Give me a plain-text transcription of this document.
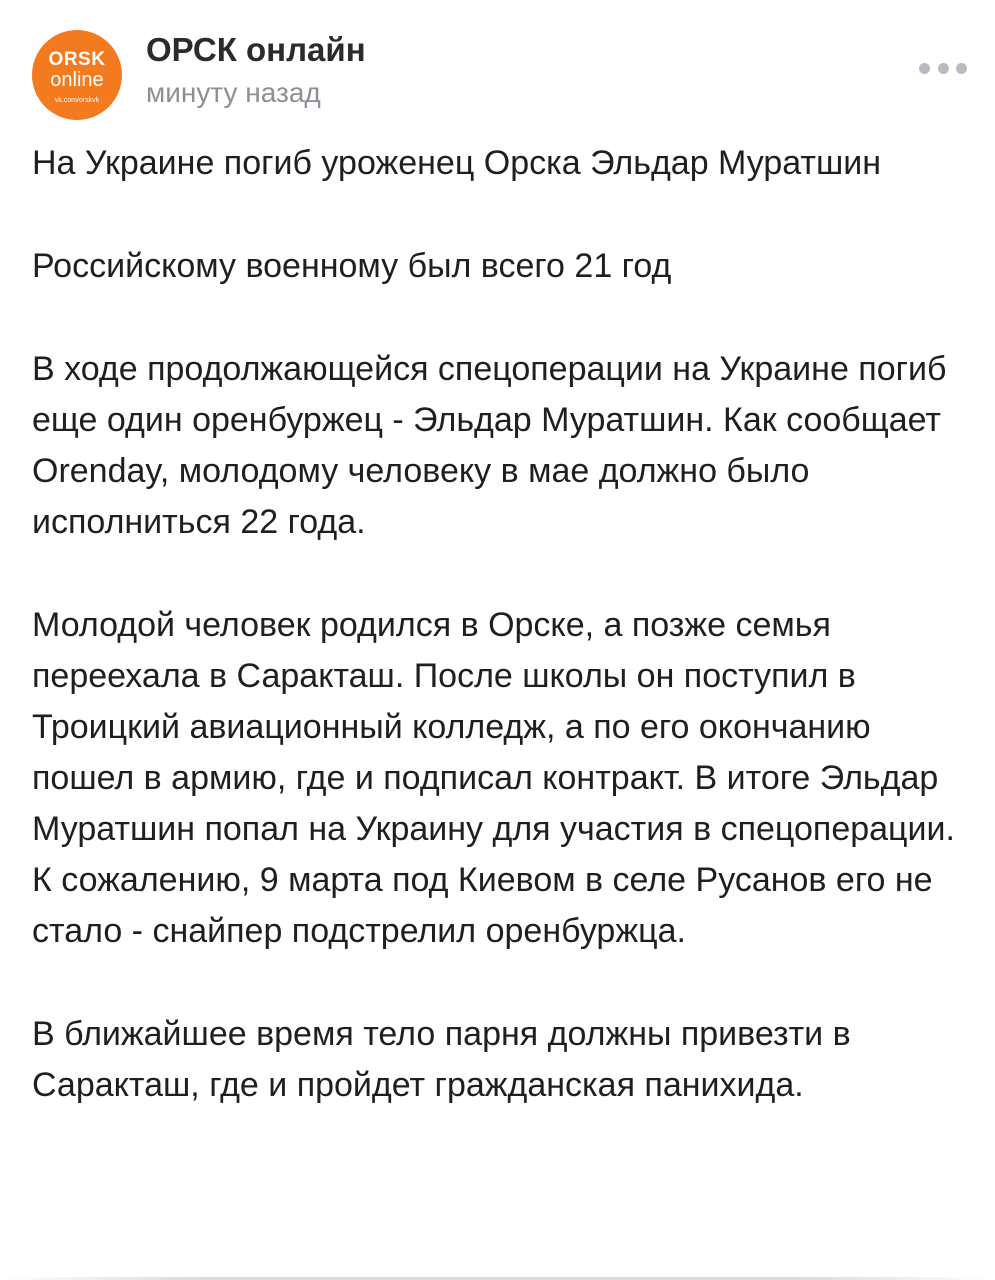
ORSK
online
vk.com/orskvk
ОРСК онлайн
минуту назад

На Украине погиб уроженец Орска Эльдар Муратшин

Российскому военному был всего 21 год

В ходе продолжающейся спецоперации на Украине погиб еще один оренбуржец - Эльдар Муратшин. Как сообщает Orenday, молодому человеку в мае должно было исполниться 22 года.

Молодой человек родился в Орске, а позже семья переехала в Саракташ. После школы он поступил в Троицкий авиационный колледж, а по его окончанию пошел в армию, где и подписал контракт. В итоге Эльдар Муратшин попал на Украину для участия в спецоперации. К сожалению, 9 марта под Киевом в селе Русанов его не стало - снайпер подстрелил оренбуржца.

В ближайшее время тело парня должны привезти в Саракташ, где и пройдет гражданская панихида.
